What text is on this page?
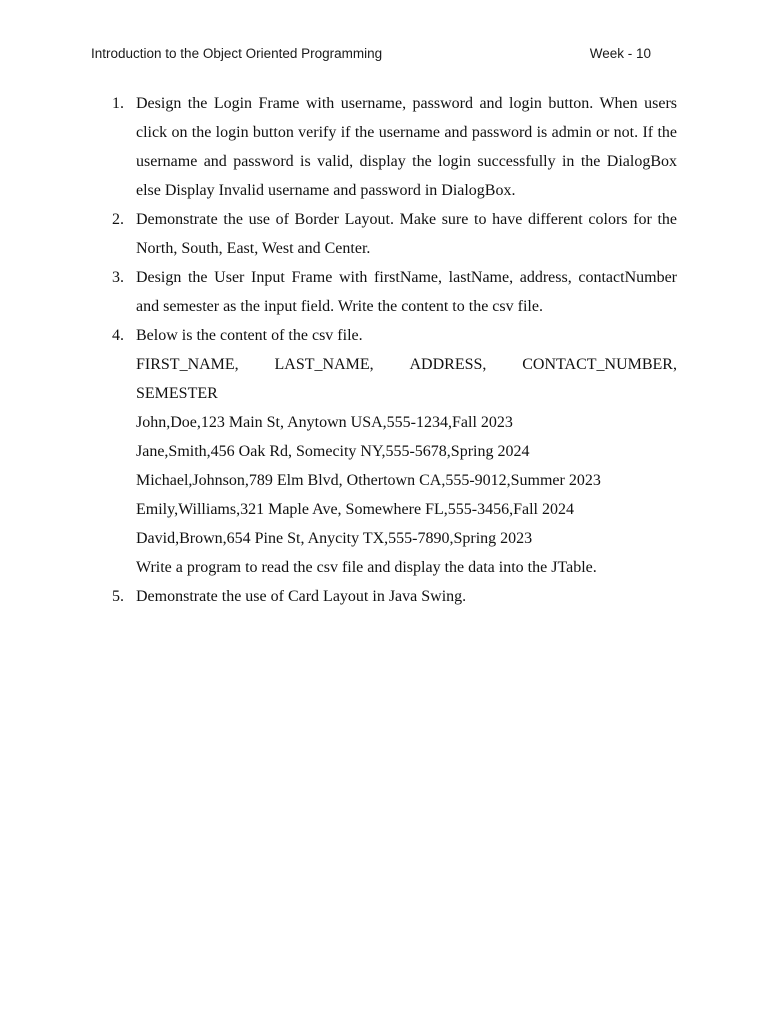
Introduction to the Object Oriented Programming	Week - 10
1. Design the Login Frame with username, password and login button. When users click on the login button verify if the username and password is admin or not. If the username and password is valid, display the login successfully in the DialogBox else Display Invalid username and password in DialogBox.

2. Demonstrate the use of Border Layout. Make sure to have different colors for the North, South, East, West and Center.

3. Design the User Input Frame with firstName, lastName, address, contactNumber and semester as the input field. Write the content to the csv file.

4. Below is the content of the csv file.
FIRST_NAME, LAST_NAME, ADDRESS, CONTACT_NUMBER,
SEMESTER
John,Doe,123 Main St, Anytown USA,555-1234,Fall 2023
Jane,Smith,456 Oak Rd, Somecity NY,555-5678,Spring 2024
Michael,Johnson,789 Elm Blvd, Othertown CA,555-9012,Summer 2023
Emily,Williams,321 Maple Ave, Somewhere FL,555-3456,Fall 2024
David,Brown,654 Pine St, Anycity TX,555-7890,Spring 2023
Write a program to read the csv file and display the data into the JTable.
5. Demonstrate the use of Card Layout in Java Swing.
